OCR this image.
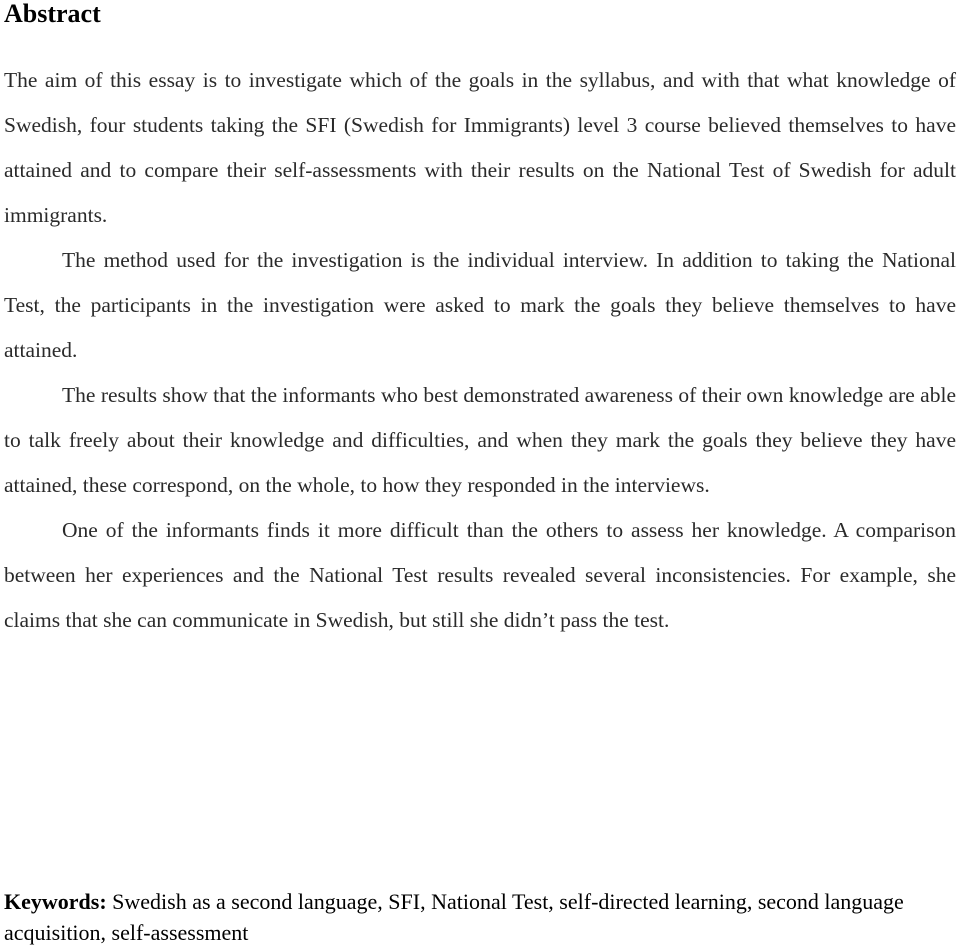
Abstract

The aim of this essay is to investigate which of the goals in the syllabus, and with that what knowledge of Swedish, four students taking the SFI (Swedish for Immigrants) level 3 course believed themselves to have attained and to compare their self-assessments with their results on the National Test of Swedish for adult immigrants.

The method used for the investigation is the individual interview. In addition to taking the National Test, the participants in the investigation were asked to mark the goals they believe themselves to have attained.

The results show that the informants who best demonstrated awareness of their own knowledge are able to talk freely about their knowledge and difficulties, and when they mark the goals they believe they have attained, these correspond, on the whole, to how they responded in the interviews.

One of the informants finds it more difficult than the others to assess her knowledge. A comparison between her experiences and the National Test results revealed several inconsistencies. For example, she claims that she can communicate in Swedish, but still she didn’t pass the test.

Keywords: Swedish as a second language, SFI, National Test, self-directed learning, second language acquisition, self-assessment
